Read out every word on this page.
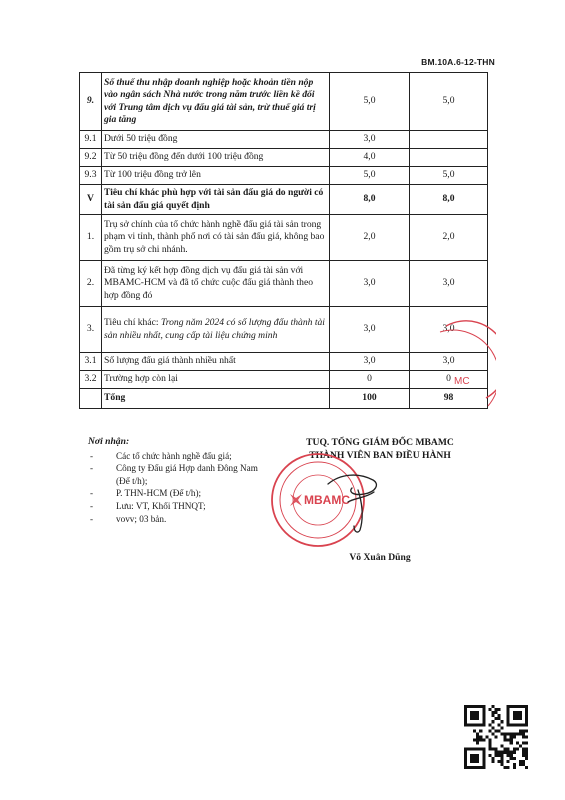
BM.10A.6-12-THN
9.	Số thuế thu nhập doanh nghiệp hoặc khoản tiền nộp vào ngân sách Nhà nước trong năm trước liền kề đối với Trung tâm dịch vụ đấu giá tài sản, trừ thuế giá trị gia tăng	5,0	5,0
9.1	Dưới 50 triệu đồng	3,0	
9.2	Từ 50 triệu đồng đến dưới 100 triệu đồng	4,0	
9.3	Từ 100 triệu đồng trở lên	5,0	5,0
V	Tiêu chí khác phù hợp với tài sản đấu giá do người có tài sản đấu giá quyết định	8,0	8,0
1.	Trụ sở chính của tổ chức hành nghề đấu giá tài sản trong phạm vi tỉnh, thành phố nơi có tài sản đấu giá, không bao gồm trụ sở chi nhánh.	2,0	2,0
2.	Đã từng ký kết hợp đồng dịch vụ đấu giá tài sản với MBAMC-HCM và đã tổ chức cuộc đấu giá thành theo hợp đồng đó	3,0	3,0
3.	Tiêu chí khác: Trong năm 2024 có số lượng đấu thành tài sản nhiều nhất, cung cấp tài liệu chứng minh	3,0	3,0
3.1	Số lượng đấu giá thành nhiều nhất	3,0	3,0
3.2	Trường hợp còn lại	0	0
	Tổng	100	98
MC
Nơi nhận:
- Các tổ chức hành nghề đấu giá;
- Công ty Đấu giá Hợp danh Đông Nam (Để t/h);
- P. THN-HCM (Để t/h);
- Lưu: VT, Khối THNQT;
- vovv; 03 bản.
TUQ. TỔNG GIÁM ĐỐC MBAMC
THÀNH VIÊN BAN ĐIỀU HÀNH
Võ Xuân Dũng
MBAMC
